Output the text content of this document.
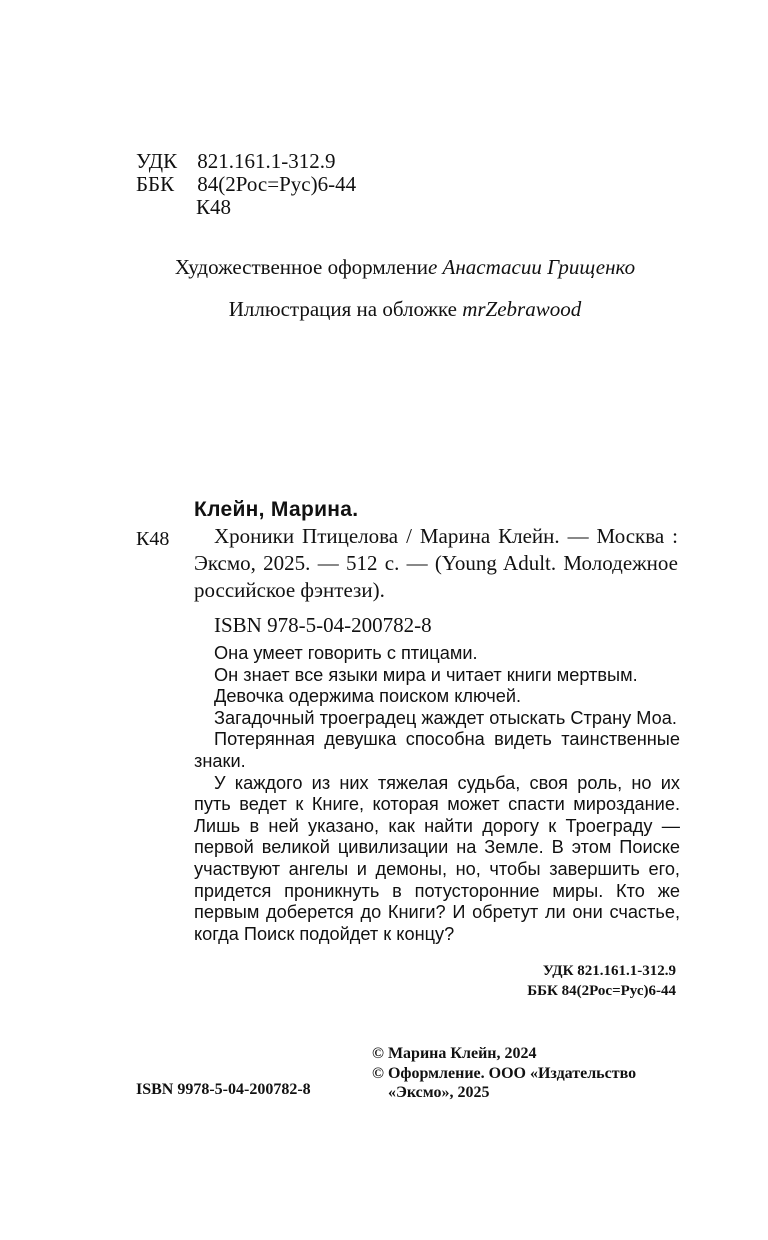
УДК 821.161.1-312.9
ББК 84(2Рос=Рус)6-44
К48
Художественное оформление Анастасии Грищенко
Иллюстрация на обложке mrZebrawood
К48
Клейн, Марина.
Хроники Птицелова / Марина Клейн. — Москва : Эксмо, 2025. — 512 с. — (Young Adult. Молодежное российское фэнтези).
ISBN 978-5-04-200782-8

Она умеет говорить с птицами.

Он знает все языки мира и читает книги мертвым.

Девочка одержима поиском ключей.

Загадочный троеградец жаждет отыскать Страну Моа.

Потерянная девушка способна видеть таинственные знаки.

У каждого из них тяжелая судьба, своя роль, но их путь ведет к Книге, которая может спасти мироздание. Лишь в ней указано, как найти дорогу к Троеграду — первой великой цивилизации на Земле. В этом Поиске участвуют ангелы и демоны, но, чтобы завершить его, придется проникнуть в потусторонние миры. Кто же первым доберется до Книги? И обретут ли они счастье, когда Поиск подойдет к концу?

УДК 821.161.1-312.9
ББК 84(2Рос=Рус)6-44
© Марина Клейн, 2024
© Оформление. ООО «Издательство
«Эксмо», 2025
ISBN 9978-5-04-200782-8
